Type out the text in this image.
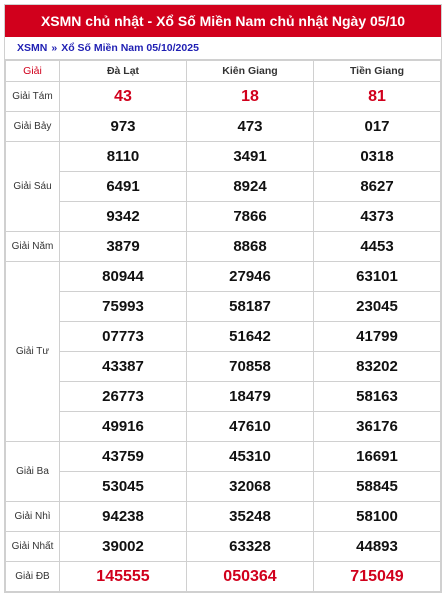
XSMN chủ nhật - Xổ Số Miền Nam chủ nhật Ngày 05/10
XSMN » Xổ Số Miền Nam 05/10/2025
Giải	Đà Lạt	Kiên Giang	Tiền Giang
Giải Tám	43	18	81
Giải Bảy	973	473	017
Giải Sáu	8110	3491	0318
	6491	8924	8627
	9342	7866	4373
Giải Năm	3879	8868	4453
Giải Tư	80944	27946	63101
	75993	58187	23045
	07773	51642	41799
	43387	70858	83202
	26773	18479	58163
	49916	47610	36176
Giải Ba	43759	45310	16691
	53045	32068	58845
Giải Nhì	94238	35248	58100
Giải Nhất	39002	63328	44893
Giải ĐB	145555	050364	715049
